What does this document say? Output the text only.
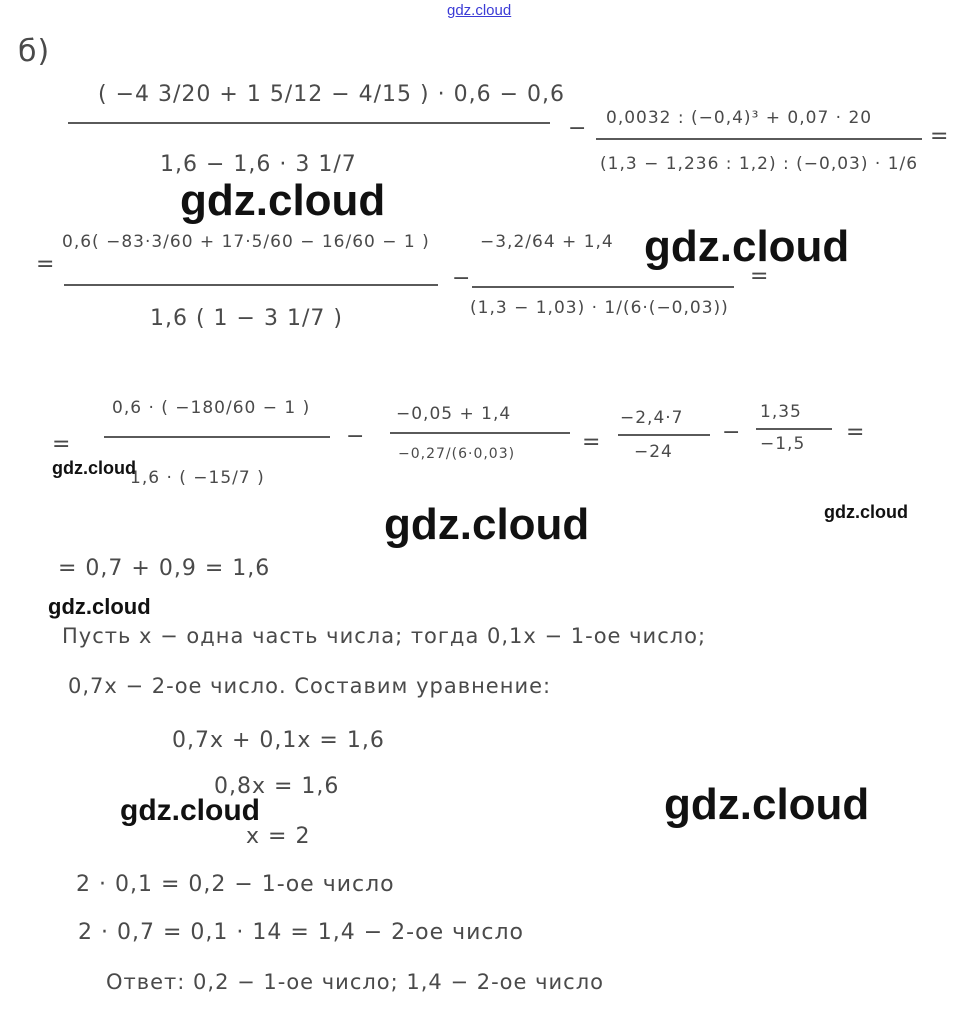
gdz.cloud
б)
( −4 3/20 + 1 5/12 − 4/15 ) · 0,6 − 0,6
1,6 − 1,6 · 3 1/7
− 0,0032 : (−0,4)³ + 0,07 · 20
(1,3 − 1,236 : 1,2) : (−0,03) · 1/6
=
=
0,6( −83·3/60 + 17·5/60 − 16/60 − 1 )
1,6 ( 1 − 3 1/7 )
−
−3,2/64 + 1,4
(1,3 − 1,03) · 1/(6·(−0,03))
=
=
0,6 · ( −180/60 − 1 )
1,6 · ( −15/7 )
−
−0,05 + 1,4
−0,27/(6·0,03)	=
−2,4·7
−24
−
1,35
−1,5 =
= 0,7 + 0,9 = 1,6
Пусть x − одна часть числа; тогда 0,1x − 1-ое число;
0,7x − 2-ое число. Составим уравнение:
0,7x + 0,1x = 1,6
0,8x = 1,6
x = 2
2 · 0,1 = 0,2 − 1-ое число
2 · 0,7 = 0,1 · 14 = 1,4 − 2-ое число
Ответ: 0,2 − 1-ое число; 1,4 − 2-ое число
gdz.cloud
gdz.cloud
gdz.cloud
gdz.cloud	gdz.cloud
gdz.cloud
gdz.cloud	gdz.cloud
